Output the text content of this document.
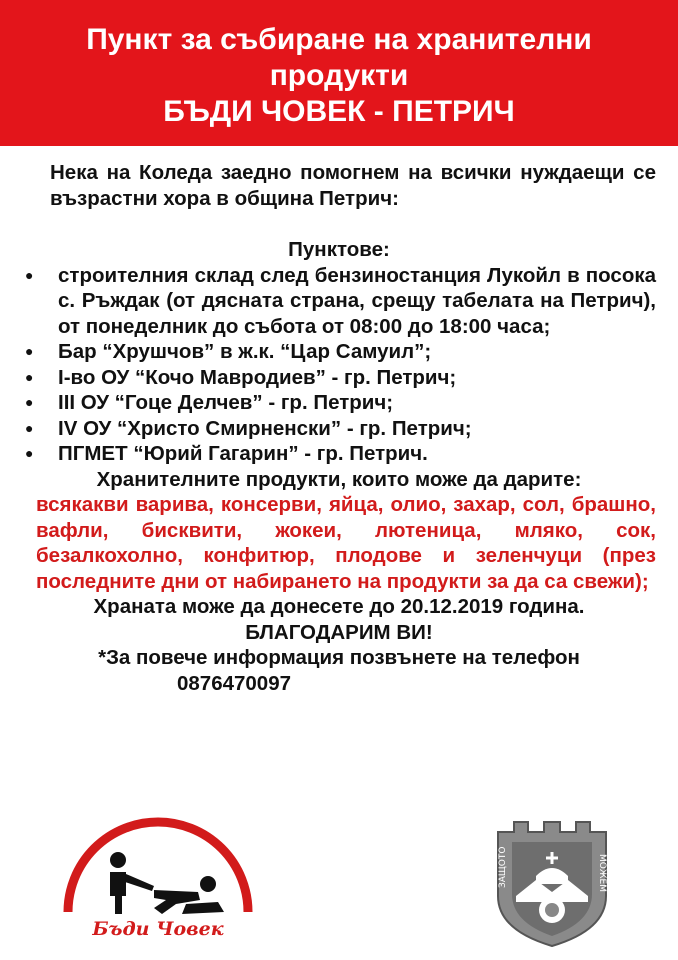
Пункт за събиране на хранителни
продукти
БЪДИ ЧОВЕК - ПЕТРИЧ
Нека на Коледа заедно помогнем на всички нуждаещи се възрастни хора в община Петрич:
Пунктове:
● строителния склад след бензиностанция Лукойл в посока с. Ръждак (от дясната страна, срещу табелата на Петрич), от понеделник до събота от 08:00 до 18:00 часа;
● Бар “Хрушчов” в ж.к. “Цар Самуил”;
● I-во ОУ “Кочо Мавродиев” - гр. Петрич;
● III ОУ “Гоце Делчев” - гр. Петрич;
● IV ОУ “Христо Смирненски” - гр. Петрич;
● ПГМЕТ “Юрий Гагарин” - гр. Петрич.
Хранителните продукти, които може да дарите:
всякакви варива, консерви, яйца, олио, захар, сол, брашно, вафли, бисквити, жокеи, лютеница, мляко, сок, безалкохолно, конфитюр, плодове и зеленчуци (през последните дни от набирането на продукти за да са свежи);
Храната може да донесете до 20.12.2019 година.
БЛАГОДАРИМ ВИ!
*За повече информация позвънете на телефон
0876470097
Бъди Човек
ЗАЩОТО	МОЖЕМ
